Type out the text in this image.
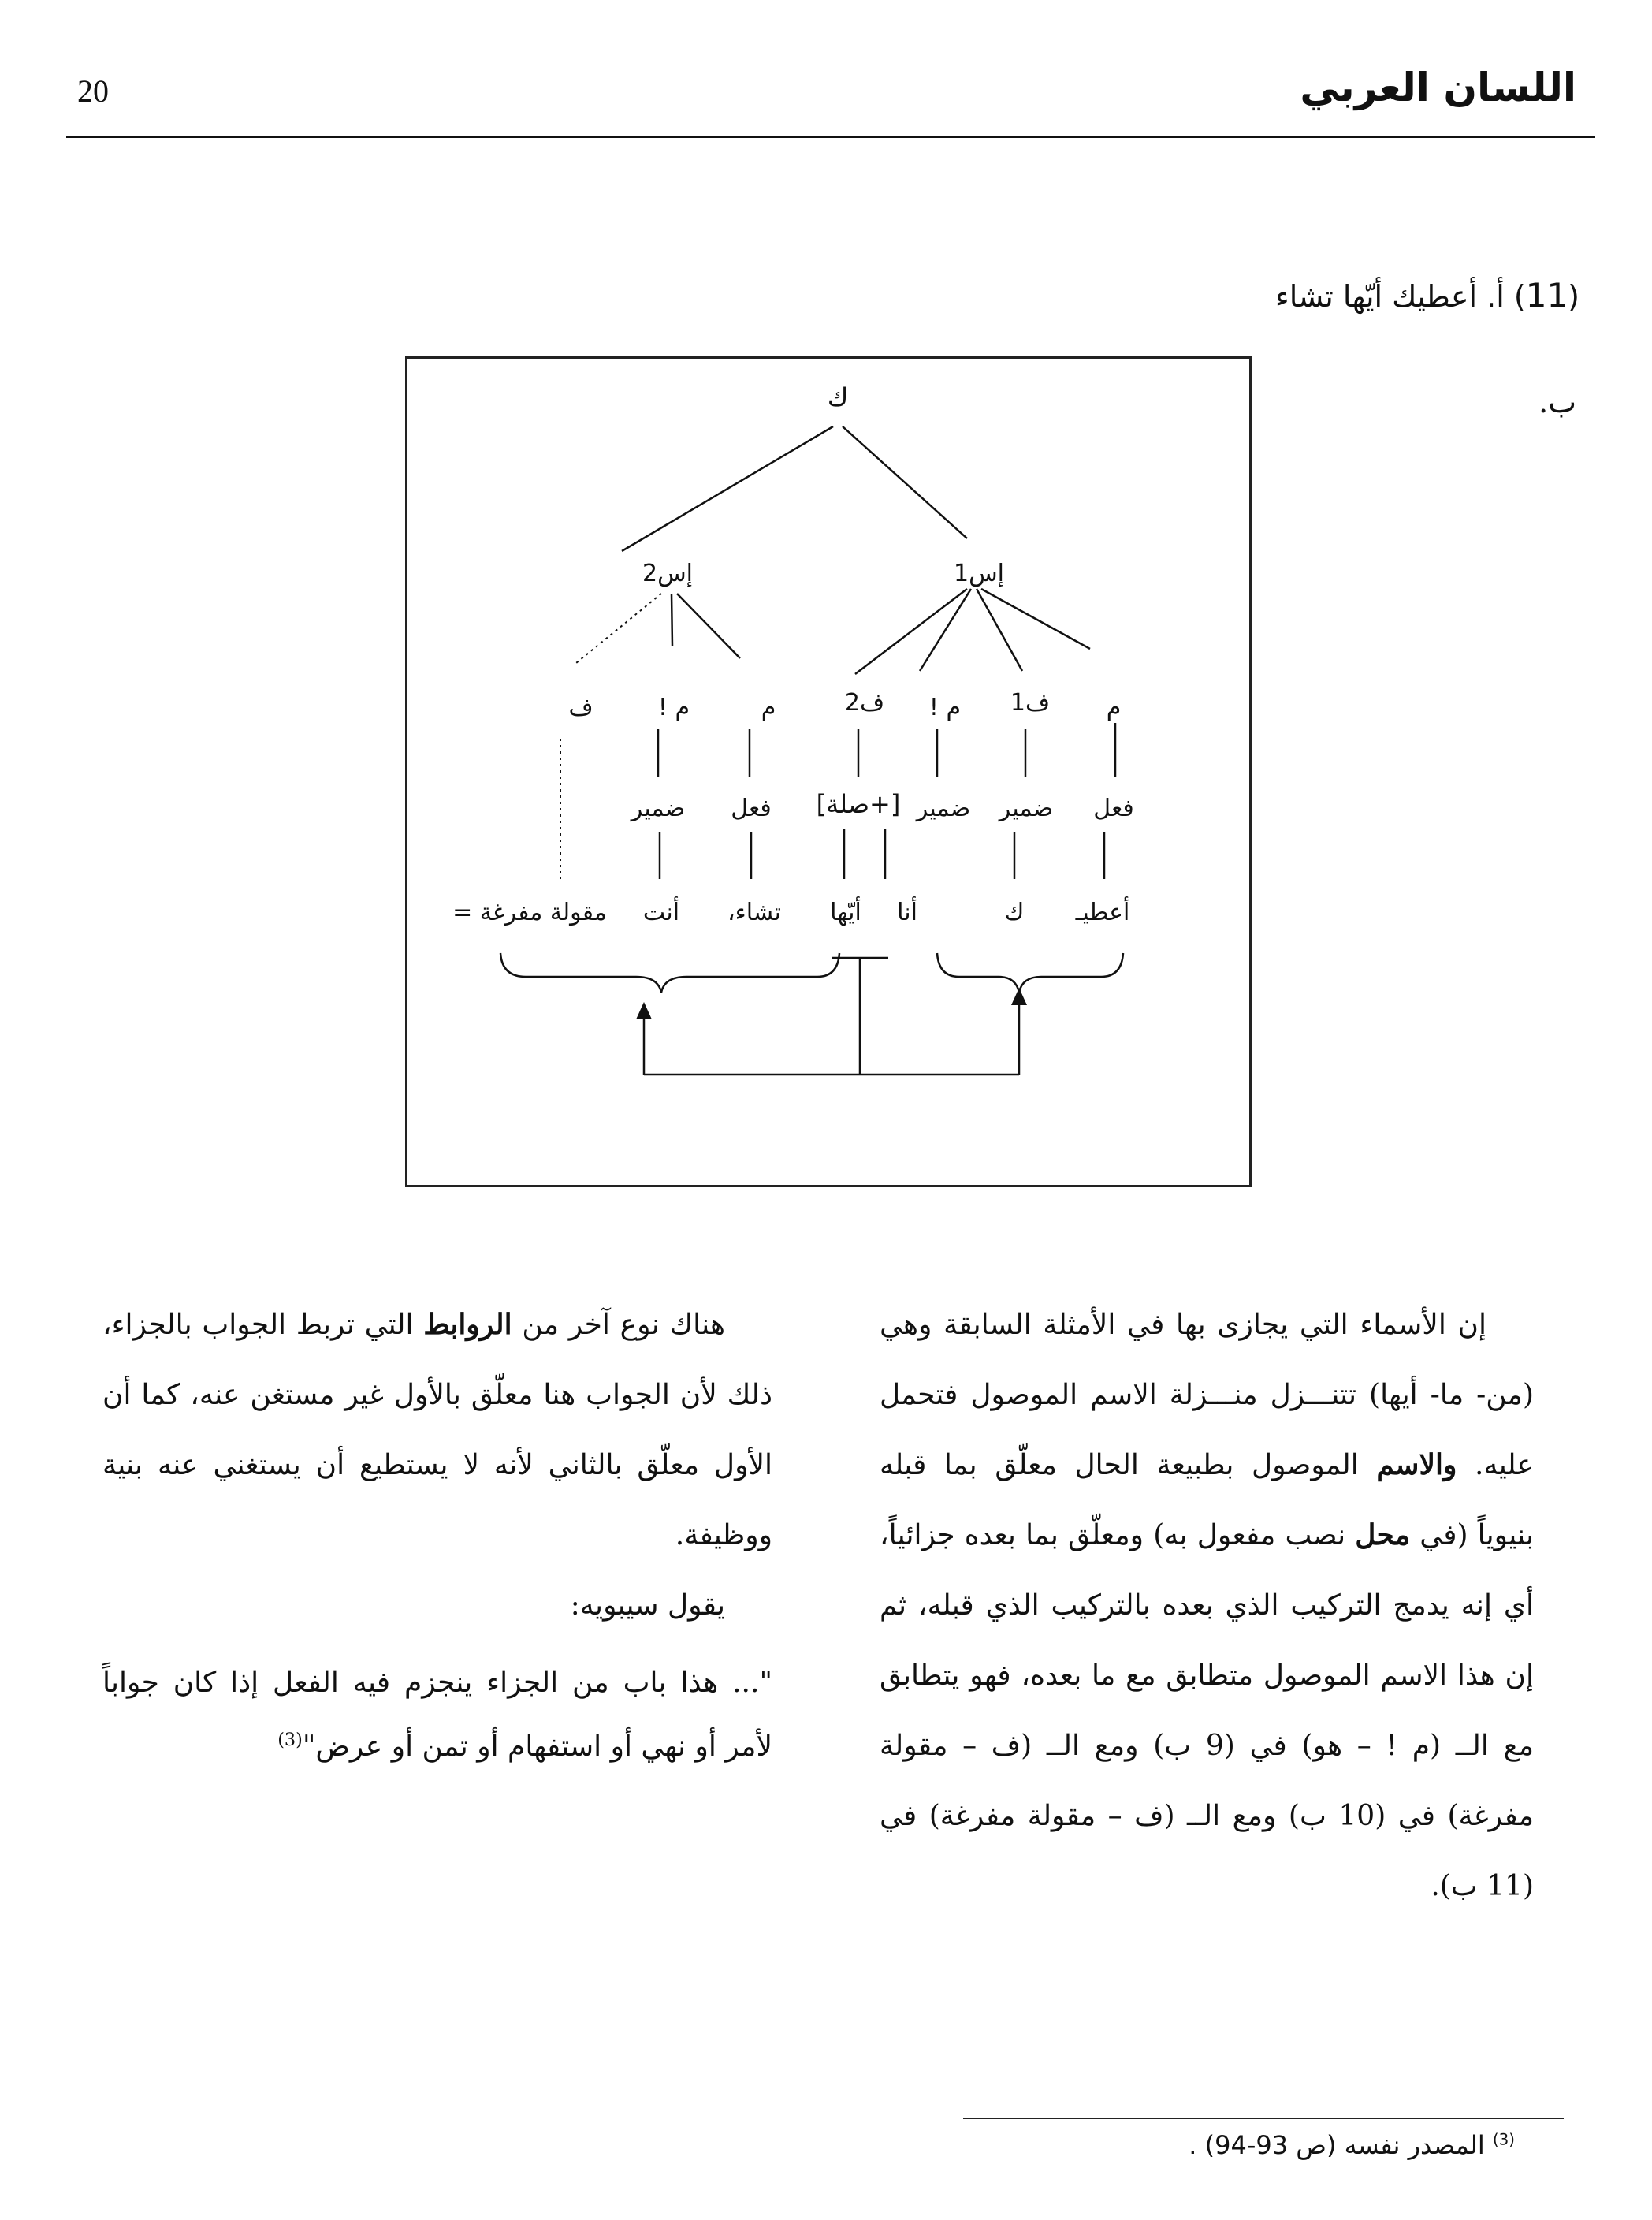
20	اللسان العربي
(11) أ. أعطيك أيّها تشاء
ب.
ك
إس2	إس1
ف	م !	م	ف2 م ! ف1 م
ضمير فعل [+صلة] ضمير ضمير فعل
مقولة مفرغة = أنت تشاء، أيّها أنا	ك أعطيـ

إن الأسماء التي يجازى بها في الأمثلة السابقة وهي (من- ما- أيها) تتنـــزل منـــزلة الاسم الموصول فتحمل عليه. والاسم الموصول بطبيعة الحال معلّق بما قبله بنيوياً (في محل نصب مفعول به) ومعلّق بما بعده جزائياً، أي إنه يدمج التركيب الذي بعده بالتركيب الذي قبله، ثم إن هذا الاسم الموصول متطابق مع ما بعده، فهو يتطابق مع الــ (م ! – هو) في (9 ب) ومع الــ (ف – مقولة مفرغة) في (10 ب) ومع الــ (ف – مقولة مفرغة) في (11 ب).

هناك نوع آخر من الروابط التي تربط الجواب بالجزاء، ذلك لأن الجواب هنا معلّق بالأول غير مستغن عنه، كما أن الأول معلّق بالثاني لأنه لا يستطيع أن يستغني عنه بنية ووظيفة.

يقول سيبويه:

"... هذا باب من الجزاء ينجزم فيه الفعل إذا كان جواباً لأمر أو نهي أو استفهام أو تمن أو عرض"$^{(3)}$

$^{(3)}$ المصدر نفسه (ص 93-94) .
